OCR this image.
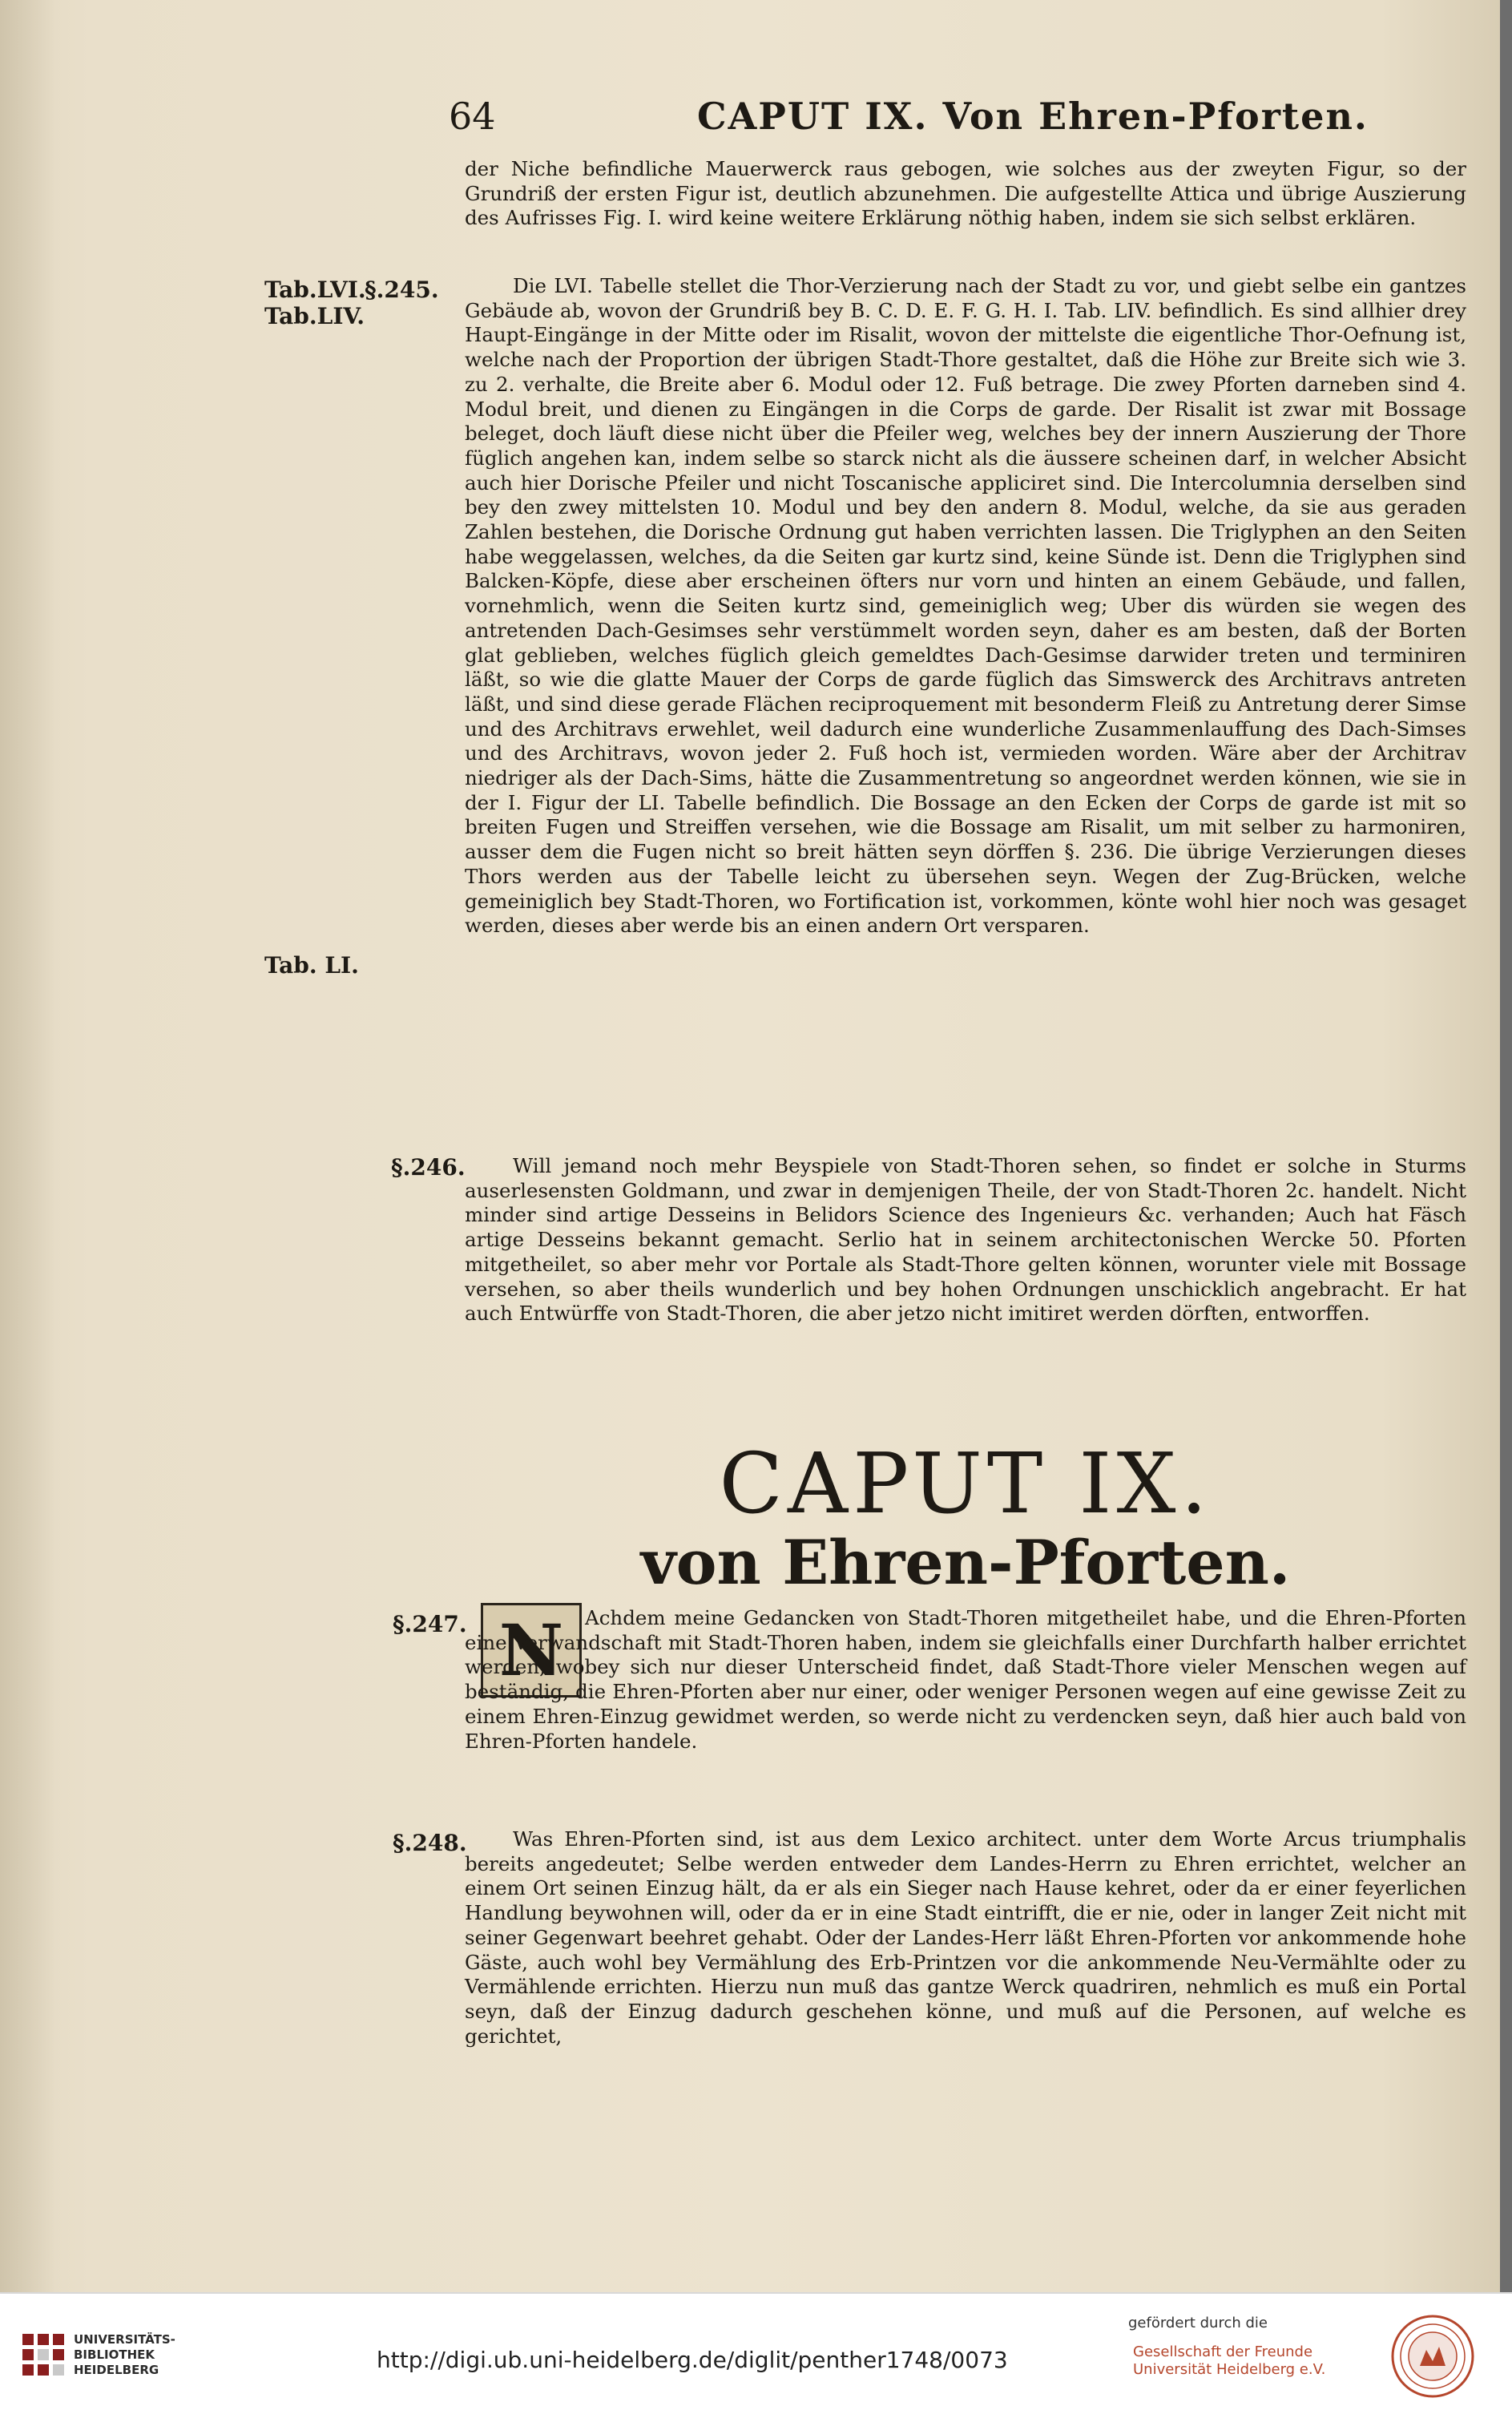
64	CAPUT IX. Von Ehren-Pforten.
der Niche befindliche Mauerwerck raus gebogen, wie solches aus der zweyten Figur, so der Grundriß der ersten Figur ist, deutlich abzunehmen. Die aufgestellte Attica und übrige Auszierung des Aufrisses Fig. I. wird keine weitere Erklärung nöthig haben, indem sie sich selbst erklären.
Tab.LVI.
§.245.
Tab.LIV.
Die LVI. Tabelle stellet die Thor-Verzierung nach der Stadt zu vor, und giebt selbe ein gantzes Gebäude ab, wovon der Grundriß bey B. C. D. E. F. G. H. I. Tab. LIV. befindlich. Es sind allhier drey Haupt-Eingänge in der Mitte oder im Risalit, wovon der mittelste die eigentliche Thor-Oefnung ist, welche nach der Proportion der übrigen Stadt-Thore gestaltet, daß die Höhe zur Breite sich wie 3. zu 2. verhalte, die Breite aber 6. Modul oder 12. Fuß betrage. Die zwey Pforten darneben sind 4. Modul breit, und dienen zu Eingängen in die Corps de garde. Der Risalit ist zwar mit Bossage beleget, doch läuft diese nicht über die Pfeiler weg, welches bey der innern Auszierung der Thore füglich angehen kan, indem selbe so starck nicht als die äussere scheinen darf, in welcher Absicht auch hier Dorische Pfeiler und nicht Toscanische appliciret sind. Die Intercolumnia derselben sind bey den zwey mittelsten 10. Modul und bey den andern 8. Modul, welche, da sie aus geraden Zahlen bestehen, die Dorische Ordnung gut haben verrichten lassen. Die Triglyphen an den Seiten habe weggelassen, welches, da die Seiten gar kurtz sind, keine Sünde ist. Denn die Triglyphen sind Balcken-Köpfe, diese aber erscheinen öfters nur vorn und hinten an einem Gebäude, und fallen, vornehmlich, wenn die Seiten kurtz sind, gemeiniglich weg; Uber dis würden sie wegen des antretenden Dach-Gesimses sehr verstümmelt worden seyn, daher es am besten, daß der Borten glat geblieben, welches füglich gleich gemeldtes Dach-Gesimse darwider treten und terminiren läßt, so wie die glatte Mauer der Corps de garde füglich das Simswerck des Architravs antreten läßt, und sind diese gerade Flächen reciproquement mit besonderm Fleiß zu Antretung derer Simse und des Architravs erwehlet, weil dadurch eine wunderliche Zusammenlauffung des Dach-Simses und des Architravs, wovon jeder 2. Fuß hoch ist, vermieden worden. Wäre aber der Architrav niedriger als der Dach-Sims, hätte die Zusammentretung so angeordnet werden können, wie sie in der I. Figur der LI. Tabelle befindlich. Die Bossage an den Ecken der Corps de garde ist mit so breiten Fugen und Streiffen versehen, wie die Bossage am Risalit, um mit selber zu harmoniren, ausser dem die Fugen nicht so breit hätten seyn dörffen §. 236. Die übrige Verzierungen dieses Thors werden aus der Tabelle leicht zu übersehen seyn. Wegen der Zug-Brücken, welche gemeiniglich bey Stadt-Thoren, wo Fortification ist, vorkommen, könte wohl hier noch was gesaget werden, dieses aber werde bis an einen andern Ort versparen.
Tab. LI.
§.246.	Will jemand noch mehr Beyspiele von Stadt-Thoren sehen, so findet er solche in Sturms auserlesensten Goldmann, und zwar in demjenigen Theile, der von Stadt-Thoren 2c. handelt. Nicht minder sind artige Desseins in Belidors Science des Ingenieurs &c. verhanden; Auch hat Fäsch artige Desseins bekannt gemacht. Serlio hat in seinem architectonischen Wercke 50. Pforten mitgetheilet, so aber mehr vor Portale als Stadt-Thore gelten können, worunter viele mit Bossage versehen, so aber theils wunderlich und bey hohen Ordnungen unschicklich angebracht. Er hat auch Entwürffe von Stadt-Thoren, die aber jetzo nicht imitiret werden dörften, entworffen.
CAPUT IX.
von Ehren-Pforten.
§.247. N	Achdem meine Gedancken von Stadt-Thoren mitgetheilet habe, und die Ehren-Pforten eine Verwandschaft mit Stadt-Thoren haben, indem sie gleichfalls einer Durchfarth halber errichtet werden, wobey sich nur dieser Unterscheid findet, daß Stadt-Thore vieler Menschen wegen auf beständig, die Ehren-Pforten aber nur einer, oder weniger Personen wegen auf eine gewisse Zeit zu einem Ehren-Einzug gewidmet werden, so werde nicht zu verdencken seyn, daß hier auch bald von Ehren-Pforten handele.
§.248.	Was Ehren-Pforten sind, ist aus dem Lexico architect. unter dem Worte Arcus triumphalis bereits angedeutet; Selbe werden entweder dem Landes-Herrn zu Ehren errichtet, welcher an einem Ort seinen Einzug hält, da er als ein Sieger nach Hause kehret, oder da er einer feyerlichen Handlung beywohnen will, oder da er in eine Stadt eintrifft, die er nie, oder in langer Zeit nicht mit seiner Gegenwart beehret gehabt. Oder der Landes-Herr läßt Ehren-Pforten vor ankommende hohe Gäste, auch wohl bey Vermählung des Erb-Printzen vor die ankommende Neu-Vermählte oder zu Vermählende errichten. Hierzu nun muß das gantze Werck quadriren, nehmlich es muß ein Portal seyn, daß der Einzug dadurch geschehen könne, und muß auf die Personen, auf welche es gerichtet,
UNIVERSITÄTS-
BIBLIOTHEK
HEIDELBERG	http://digi.ub.uni-heidelberg.de/diglit/penther1748/0073
gefördert durch die
Gesellschaft der Freunde
Universität Heidelberg e.V.
